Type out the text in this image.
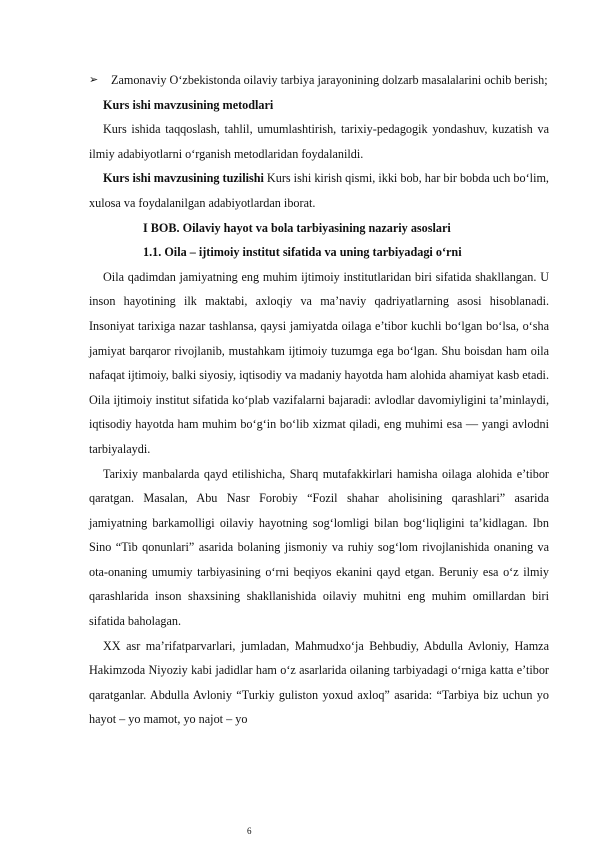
➢	Zamonaviy O‘zbekistonda oilaviy tarbiya jarayonining dolzarb masalalarini ochib berish;

Kurs ishi mavzusining metodlari

Kurs ishida taqqoslash, tahlil, umumlashtirish, tarixiy-pedagogik yondashuv, kuzatish va ilmiy adabiyotlarni o‘rganish metodlaridan foydalanildi.

Kurs ishi mavzusining tuzilishi Kurs ishi kirish qismi, ikki bob, har bir bobda uch bo‘lim, xulosa va foydalanilgan adabiyotlardan iborat.

I BOB. Oilaviy hayot va bola tarbiyasining nazariy asoslari

1.1. Oila – ijtimoiy institut sifatida va uning tarbiyadagi o‘rni

Oila qadimdan jamiyatning eng muhim ijtimoiy institutlaridan biri sifatida shakllangan. U inson hayotining ilk maktabi, axloqiy va ma’naviy qadriyatlarning asosi hisoblanadi. Insoniyat tarixiga nazar tashlansa, qaysi jamiyatda oilaga e’tibor kuchli bo‘lgan bo‘lsa, o‘sha jamiyat barqaror rivojlanib, mustahkam ijtimoiy tuzumga ega bo‘lgan. Shu boisdan ham oila nafaqat ijtimoiy, balki siyosiy, iqtisodiy va madaniy hayotda ham alohida ahamiyat kasb etadi. Oila ijtimoiy institut sifatida ko‘plab vazifalarni bajaradi: avlodlar davomiyligini ta’minlaydi, iqtisodiy hayotda ham muhim bo‘g‘in bo‘lib xizmat qiladi, eng muhimi esa — yangi avlodni tarbiyalaydi.

Tarixiy manbalarda qayd etilishicha, Sharq mutafakkirlari hamisha oilaga alohida e’tibor qaratgan. Masalan, Abu Nasr Forobiy “Fozil shahar aholisining qarashlari” asarida jamiyatning barkamolligi oilaviy hayotning sog‘lomligi bilan bog‘liqligini ta’kidlagan. Ibn Sino “Tib qonunlari” asarida bolaning jismoniy va ruhiy sog‘lom rivojlanishida onaning va ota-onaning umumiy tarbiyasining o‘rni beqiyos ekanini qayd etgan. Beruniy esa o‘z ilmiy qarashlarida inson shaxsining shakllanishida oilaviy muhitni eng muhim omillardan biri sifatida baholagan.

XX asr ma’rifatparvarlari, jumladan, Mahmudxo‘ja Behbudiy, Abdulla Avloniy, Hamza Hakimzoda Niyoziy kabi jadidlar ham o‘z asarlarida oilaning tarbiyadagi o‘rniga katta e’tibor qaratganlar. Abdulla Avloniy “Turkiy guliston yoxud axloq” asarida: “Tarbiya biz uchun yo hayot – yo mamot, yo najot – yo

6
